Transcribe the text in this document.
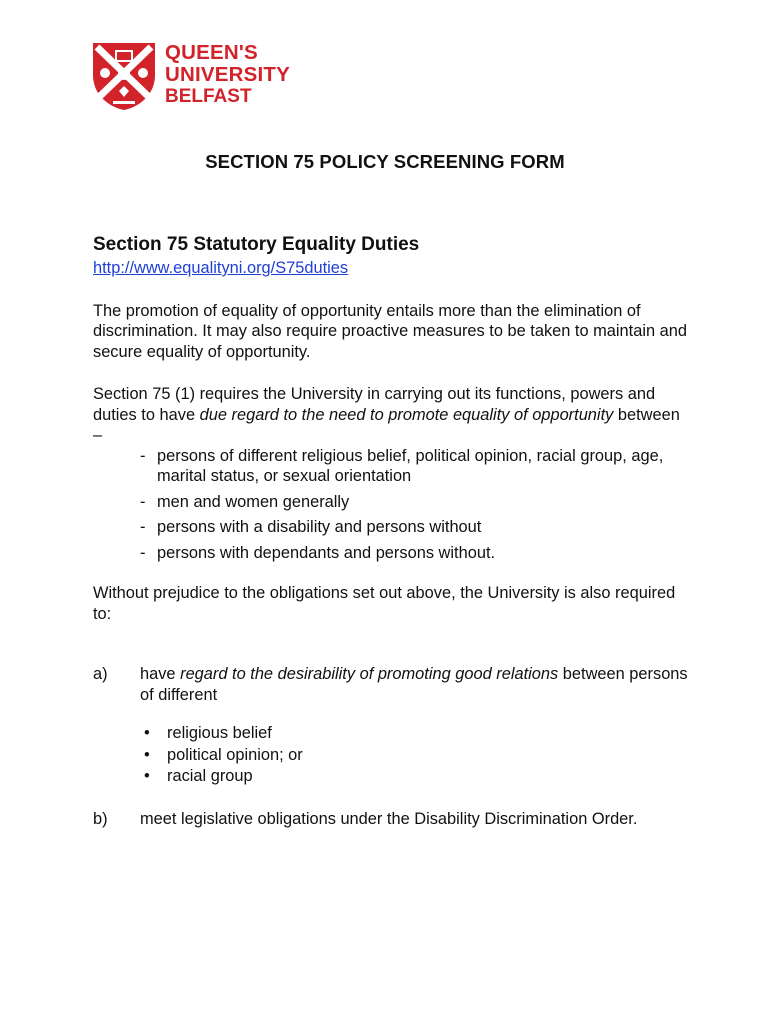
QUEEN'S
UNIVERSITY
BELFAST
SECTION 75 POLICY SCREENING FORM
Section 75 Statutory Equality Duties
http://www.equalityni.org/S75duties

The promotion of equality of opportunity entails more than the elimination of discrimination. It may also require proactive measures to be taken to maintain and secure equality of opportunity.

Section 75 (1) requires the University in carrying out its functions, powers and duties to have due regard to the need to promote equality of opportunity between –

- persons of different religious belief, political opinion, racial group, age, marital status, or sexual orientation
- men and women generally
- persons with a disability and persons without
- persons with dependants and persons without.

Without prejudice to the obligations set out above, the University is also required to:

a) have regard to the desirability of promoting good relations between persons of different
• religious belief
• political opinion; or
• racial group
b) meet legislative obligations under the Disability Discrimination Order.
